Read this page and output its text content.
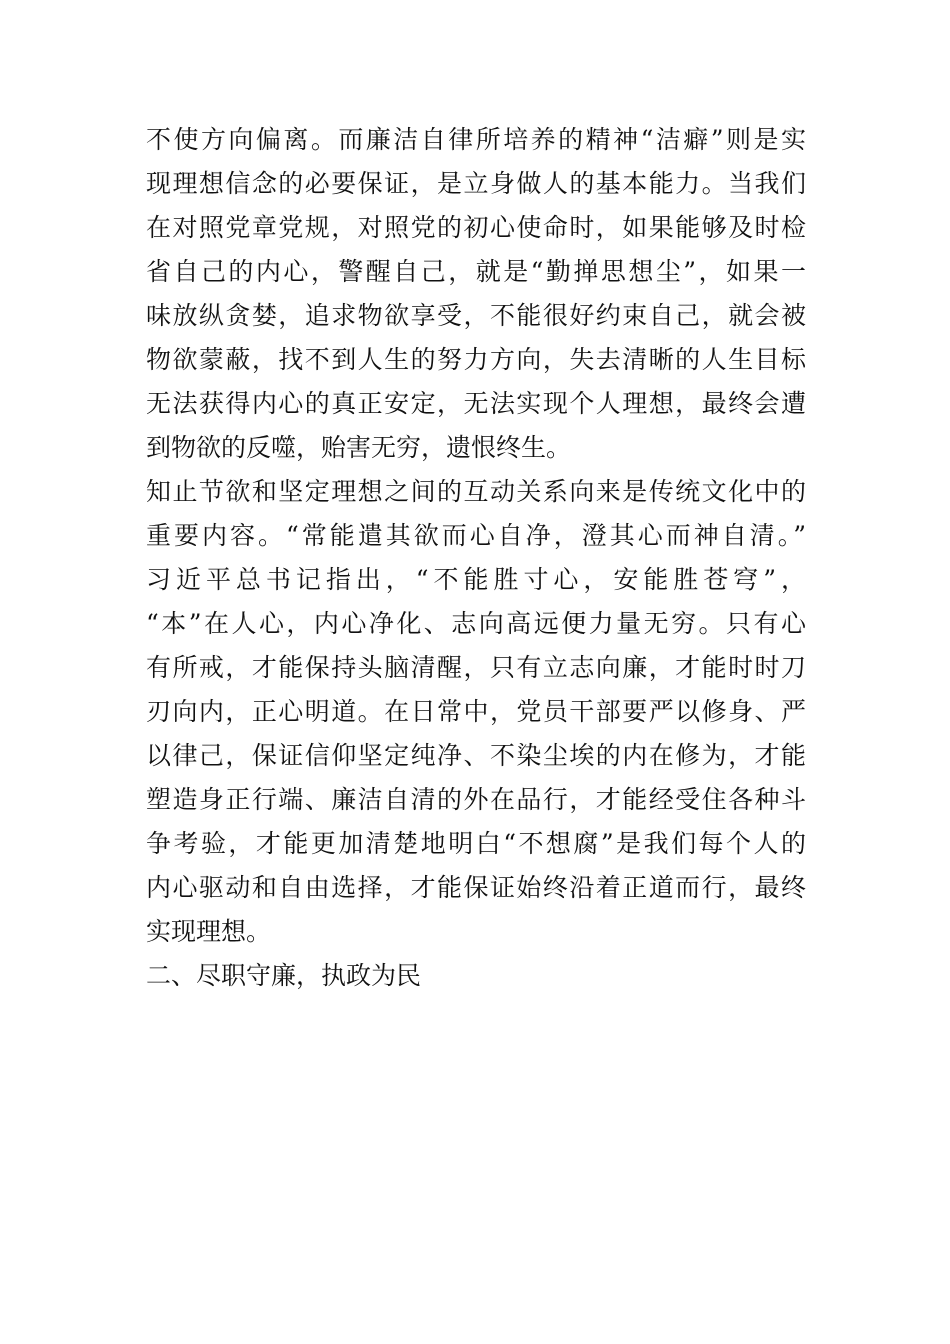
不使方向偏离。而廉洁自律所培养的精神“洁癖”则是实
现理想信念的必要保证，是立身做人的基本能力。当我们
在对照党章党规，对照党的初心使命时，如果能够及时检
省自己的内心，警醒自己，就是“勤掸思想尘”，如果一
味放纵贪婪，追求物欲享受，不能很好约束自己，就会被
物欲蒙蔽，找不到人生的努力方向，失去清晰的人生目标
无法获得内心的真正安定，无法实现个人理想，最终会遭
到物欲的反噬，贻害无穷，遗恨终生。
知止节欲和坚定理想之间的互动关系向来是传统文化中的
重要内容。“常能遣其欲而心自净，澄其心而神自清。”
习近平总书记指出，“不能胜寸心，安能胜苍穹”，
“本”在人心，内心净化、志向高远便力量无穷。只有心
有所戒，才能保持头脑清醒，只有立志向廉，才能时时刀
刃向内，正心明道。在日常中，党员干部要严以修身、严
以律己，保证信仰坚定纯净、不染尘埃的内在修为，才能
塑造身正行端、廉洁自清的外在品行，才能经受住各种斗
争考验，才能更加清楚地明白“不想腐”是我们每个人的
内心驱动和自由选择，才能保证始终沿着正道而行，最终
实现理想。
二、尽职守廉，执政为民
